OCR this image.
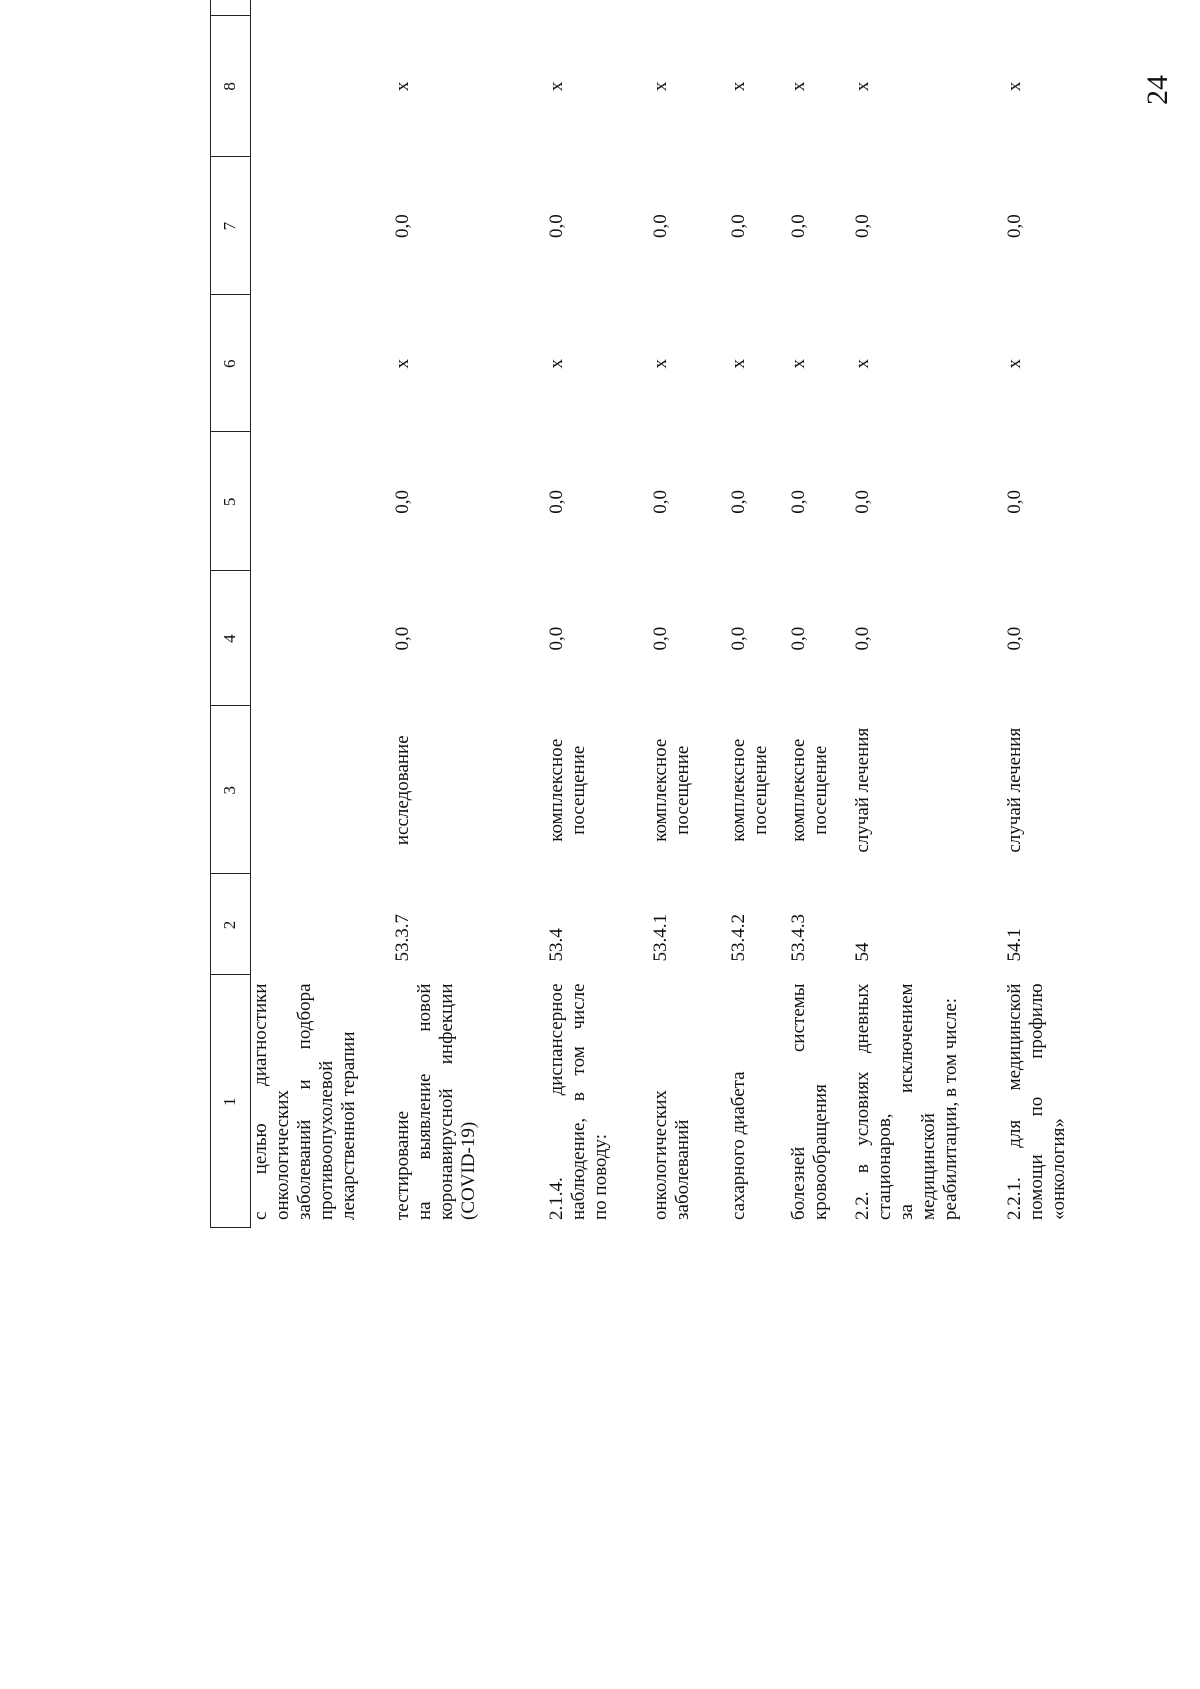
24
1
2
3
4
5
6
7
8
с целью диагностики онкологических заболеваний и подбора противоопухолевой лекарственной терапии тестирование на выявление новой коронавирусной инфекции (COVID-19)
53.3.7
исследование
0,0
0,0
х
0,0
х
2.1.4. диспансерное наблюдение, в том числе по поводу:
53.4
комплексное посещение
0,0
0,0
х
0,0
х
онкологических заболеваний
53.4.1
комплексное посещение
0,0
0,0
х
0,0
х
сахарного диабета
53.4.2
комплексное посещение
0,0
0,0
х
0,0
х
болезней системы кровообращения
53.4.3
комплексное посещение
0,0
0,0
х
0,0
х
2.2. в условиях дневных стационаров, за исключением медицинской реабилитации, в том числе:
54
случай лечения
0,0
0,0
х
0,0
х
2.2.1. для медицинской помощи по профилю «онкология»
54.1
случай лечения
0,0
0,0
х
0,0
х
